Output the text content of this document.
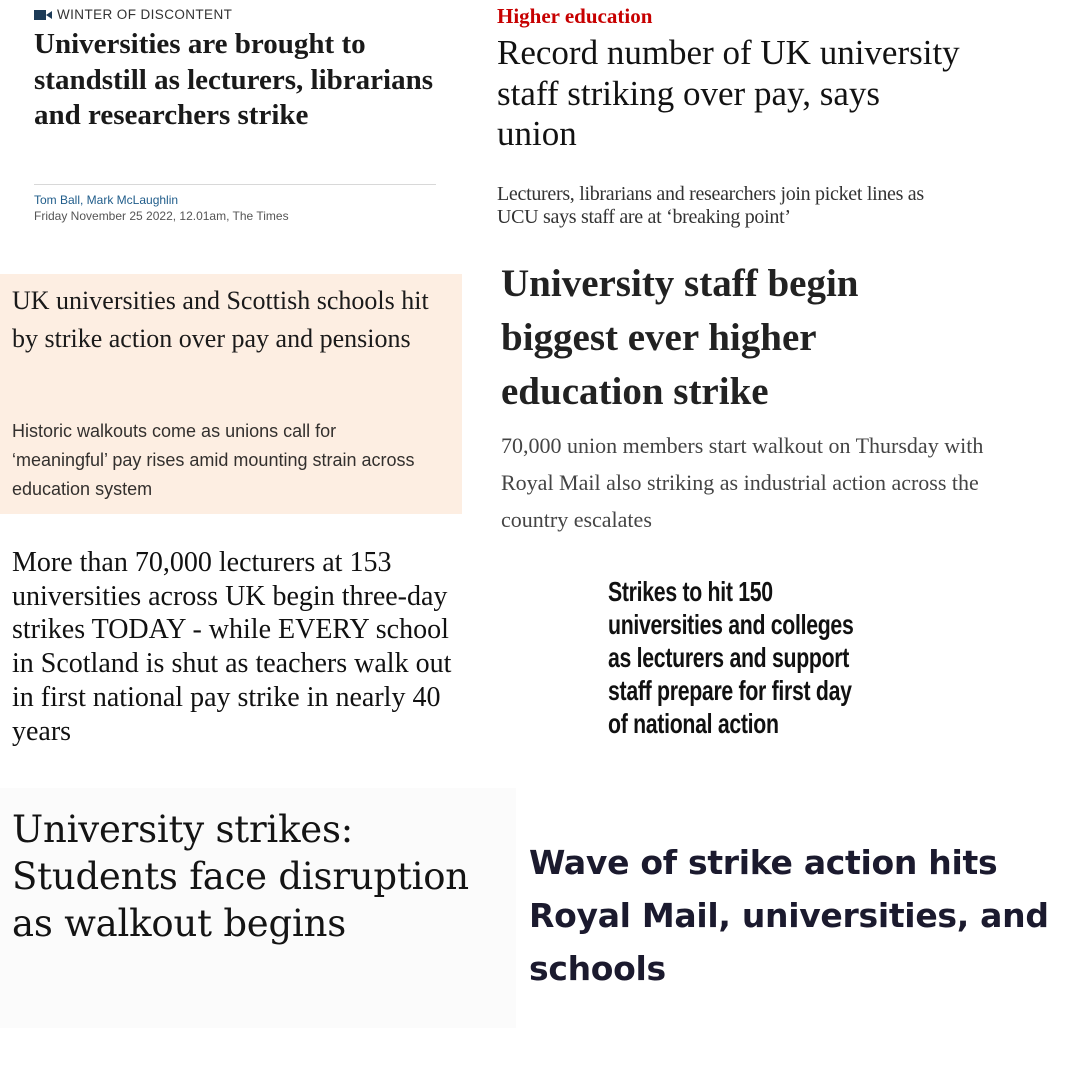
WINTER OF DISCONTENT
Universities are brought to standstill as lecturers, librarians and researchers strike
Tom Ball, Mark McLaughlin
Friday November 25 2022, 12.01am, The Times
Higher education
Record number of UK university staff striking over pay, says union
Lecturers, librarians and researchers join picket lines as UCU says staff are at ‘breaking point’
UK universities and Scottish schools hit by strike action over pay and pensions
Historic walkouts come as unions call for ‘meaningful’ pay rises amid mounting strain across education system
University staff begin biggest ever higher education strike
70,000 union members start walkout on Thursday with Royal Mail also striking as industrial action across the country escalates
More than 70,000 lecturers at 153 universities across UK begin three-day strikes TODAY - while EVERY school in Scotland is shut as teachers walk out in first national pay strike in nearly 40 years
Strikes to hit 150 universities and colleges as lecturers and support staff prepare for first day of national action
University strikes: Students face disruption as walkout begins
Wave of strike action hits Royal Mail, universities, and schools
